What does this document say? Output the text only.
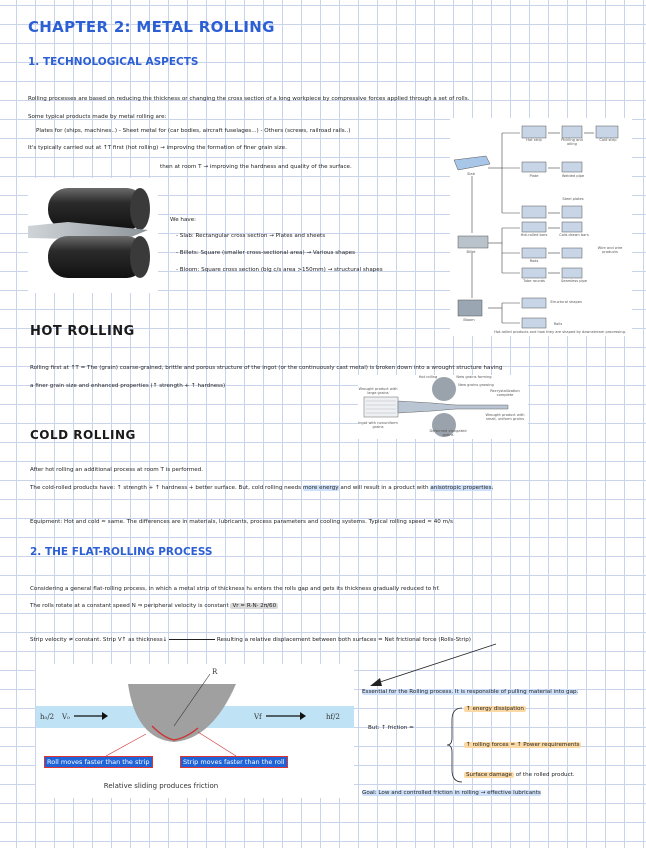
CHAPTER 2: METAL ROLLING
1. TECHNOLOGICAL ASPECTS
Rolling processes are based on reducing the thickness or changing the cross section of a long workpiece by compressive forces applied through a set of rolls.
Some typical products made by metal rolling are:
Plates for (ships, machines..) - Sheet metal for (car bodies, aircraft fuselages...) - Others (screws, railroad rails..)
It's typically carried out at ↑T first (hot rolling) → improving the formation of finer grain size.
then at room T → improving the hardness and quality of the surface.
We have:
- Slab: Rectangular cross section → Plates and sheets
- Billets: Square (smaller cross-sectional area) → Various shapes
- Bloom: Square cross section (big c/s area >150mm) → structural shapes
Hot strip	Pickling and oiling
Cold strip
Slab	Plate	Welded pipe
Steel plates
Hot-rolled bars	Cold-drawn bars
Billet
Rods
Wire and wire products
Tube rounds	Seamless pipe
Structural shapes
Bloom
Rails
Hot-rolled products and how they are shaped by downstream processing.
HOT ROLLING
Rolling first at ↑T = The (grain) coarse-grained, brittle and porous structure of the ingot (or the continuously cast metal) is broken down into a wrought structure having
a finer grain size and enhanced properties (↑ strength + ↑ hardness)
Hot rolling	New grains forming
New grains growing
Recrystallization complete
Wrought product with large grains
Ingot with nonuniform grains
Deformed elongated grains
Wrought product with small, uniform grains
COLD ROLLING
After hot rolling an additional process at room T is performed.
The cold-rolled products have: ↑ strength + ↑ hardness + better surface. But, cold rolling needs more energy and will result in a product with anisotropic properties.
Equipment: Hot and cold ≈ same. The differences are in materials, lubricants, process parameters and cooling systems. Typical rolling speed ≈ 40 m/s
2. THE FLAT-ROLLING PROCESS
Considering a general flat-rolling process, in which a metal strip of thickness h₀ enters the rolls gap and gets its thickness gradually reduced to hf.
The rolls rotate at a constant speed N ⇒ peripheral velocity is constant Vr = R·N· 2π/60
Strip velocity ≠ constant. Strip V↑ as thickness↓	Resulting a relative displacement between both surfaces = Net frictional force (Rolls-Strip)
R
h₀/2	hf/2
V₀	Vf
Roll moves faster than the strip	Strip moves faster than the roll
Relative sliding produces friction
Essential for the Rolling process. It is responsible of pulling material into gap.
But: ↑ friction =
↑ energy dissipation
↑ rolling forces = ↑ Power requirements
Surface damage of the rolled product.
Goal: Low and controlled friction in rolling → effective lubricants
